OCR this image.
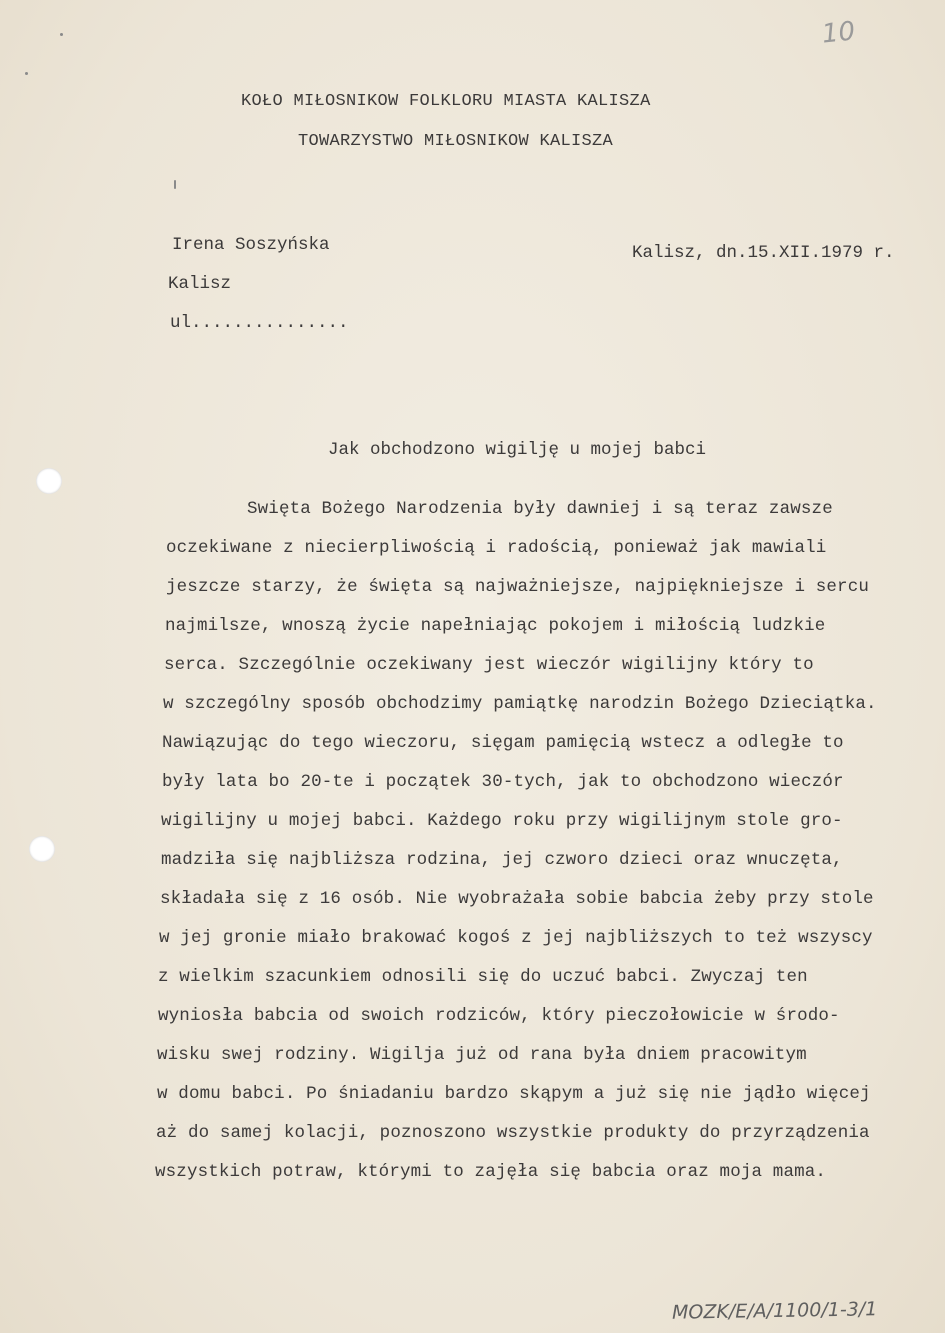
10
KOŁO MIŁOSNIKOW FOLKLORU MIASTA KALISZA
TOWARZYSTWO MIŁOSNIKOW KALISZA
Irena Soszyńska
Kalisz
ul...............
Kalisz, dn.15.XII.1979 r.
Jak obchodzono wigilję u mojej babci
Swięta Bożego Narodzenia były dawniej i są teraz zawsze
oczekiwane z niecierpliwością i radością, ponieważ jak mawiali
jeszcze starzy, że święta są najważniejsze, najpiękniejsze i sercu
najmilsze, wnoszą życie napełniając pokojem i miłością ludzkie
serca. Szczególnie oczekiwany jest wieczór wigilijny który to
w szczególny sposób obchodzimy pamiątkę narodzin Bożego Dzieciątka.
Nawiązując do tego wieczoru, sięgam pamięcią wstecz a odległe to
były lata bo 20-te i początek 30-tych, jak to obchodzono wieczór
wigilijny u mojej babci. Każdego roku przy wigilijnym stole gro-
madziła się najbliższa rodzina, jej czworo dzieci oraz wnuczęta,
składała się z 16 osób. Nie wyobrażała sobie babcia żeby przy stole
w jej gronie miało brakować kogoś z jej najbliższych to też wszyscy
z wielkim szacunkiem odnosili się do uczuć babci. Zwyczaj ten
wyniosła babcia od swoich rodziców, który pieczołowicie w środo-
wisku swej rodziny. Wigilja już od rana była dniem pracowitym
w domu babci. Po śniadaniu bardzo skąpym a już się nie jądło więcej
aż do samej kolacji, poznoszono wszystkie produkty do przyrządzenia
wszystkich potraw, którymi to zajęła się babcia oraz moja mama.
MOZK/E/A/1100/1-3/1
